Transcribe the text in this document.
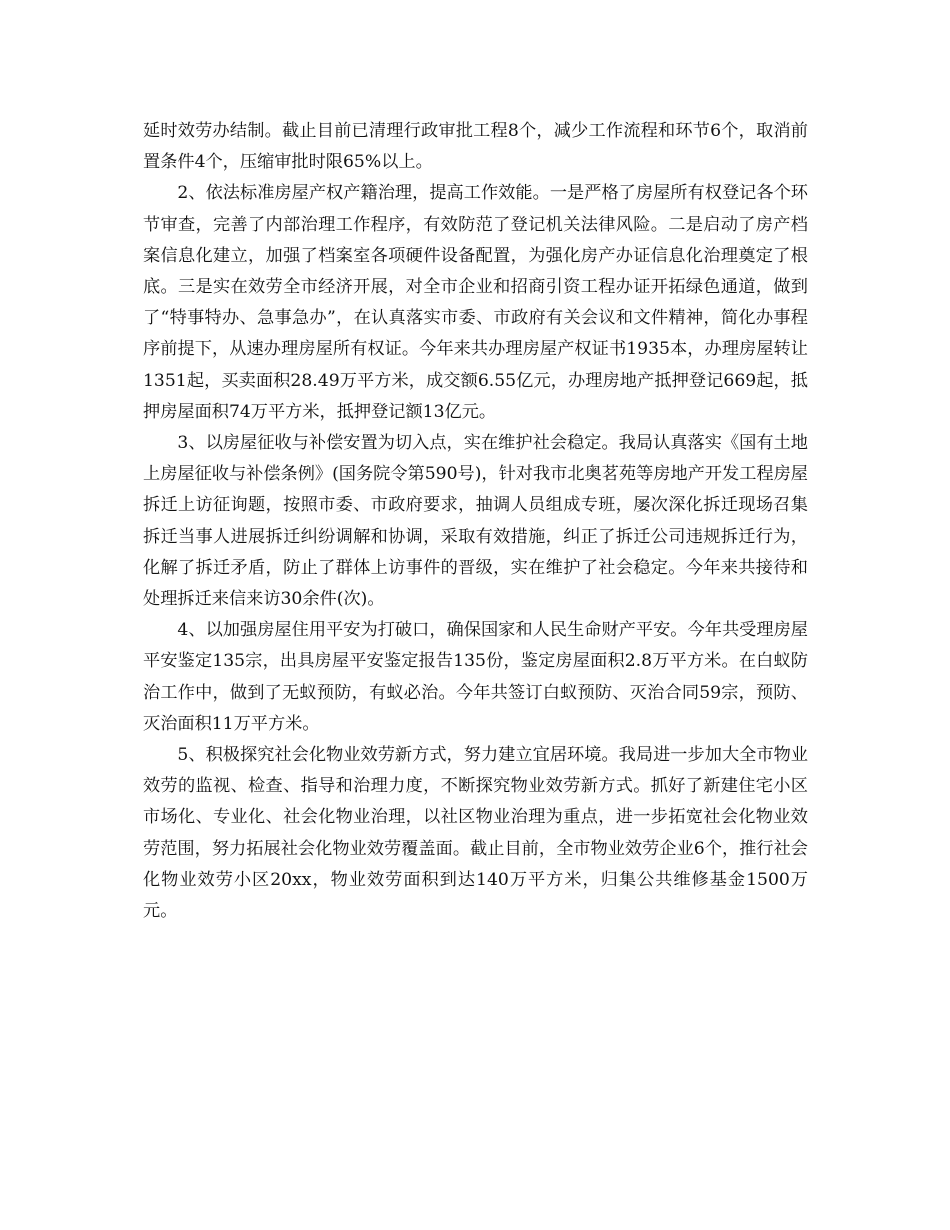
延时效劳办结制。截止目前已清理行政审批工程8个，减少工作流程和环节6个，取消前置条件4个，压缩审批时限65%以上。

2、依法标准房屋产权产籍治理，提高工作效能。一是严格了房屋所有权登记各个环节审查，完善了内部治理工作程序，有效防范了登记机关法律风险。二是启动了房产档案信息化建立，加强了档案室各项硬件设备配置，为强化房产办证信息化治理奠定了根底。三是实在效劳全市经济开展，对全市企业和招商引资工程办证开拓绿色通道，做到了“特事特办、急事急办”，在认真落实市委、市政府有关会议和文件精神，简化办事程序前提下，从速办理房屋所有权证。今年来共办理房屋产权证书1935本，办理房屋转让1351起，买卖面积28.49万平方米，成交额6.55亿元，办理房地产抵押登记669起，抵押房屋面积74万平方米，抵押登记额13亿元。

3、以房屋征收与补偿安置为切入点，实在维护社会稳定。我局认真落实《国有土地上房屋征收与补偿条例》(国务院令第590号)，针对我市北奥茗苑等房地产开发工程房屋拆迁上访征询题，按照市委、市政府要求，抽调人员组成专班，屡次深化拆迁现场召集拆迁当事人进展拆迁纠纷调解和协调，采取有效措施，纠正了拆迁公司违规拆迁行为，化解了拆迁矛盾，防止了群体上访事件的晋级，实在维护了社会稳定。今年来共接待和处理拆迁来信来访30余件(次)。

4、以加强房屋住用平安为打破口，确保国家和人民生命财产平安。今年共受理房屋平安鉴定135宗，出具房屋平安鉴定报告135份，鉴定房屋面积2.8万平方米。在白蚁防治工作中，做到了无蚁预防，有蚁必治。今年共签订白蚁预防、灭治合同59宗，预防、灭治面积11万平方米。

5、积极探究社会化物业效劳新方式，努力建立宜居环境。我局进一步加大全市物业效劳的监视、检查、指导和治理力度，不断探究物业效劳新方式。抓好了新建住宅小区市场化、专业化、社会化物业治理，以社区物业治理为重点，进一步拓宽社会化物业效劳范围，努力拓展社会化物业效劳覆盖面。截止目前，全市物业效劳企业6个，推行社会化物业效劳小区20xx，物业效劳面积到达140万平方米，归集公共维修基金1500万元。
